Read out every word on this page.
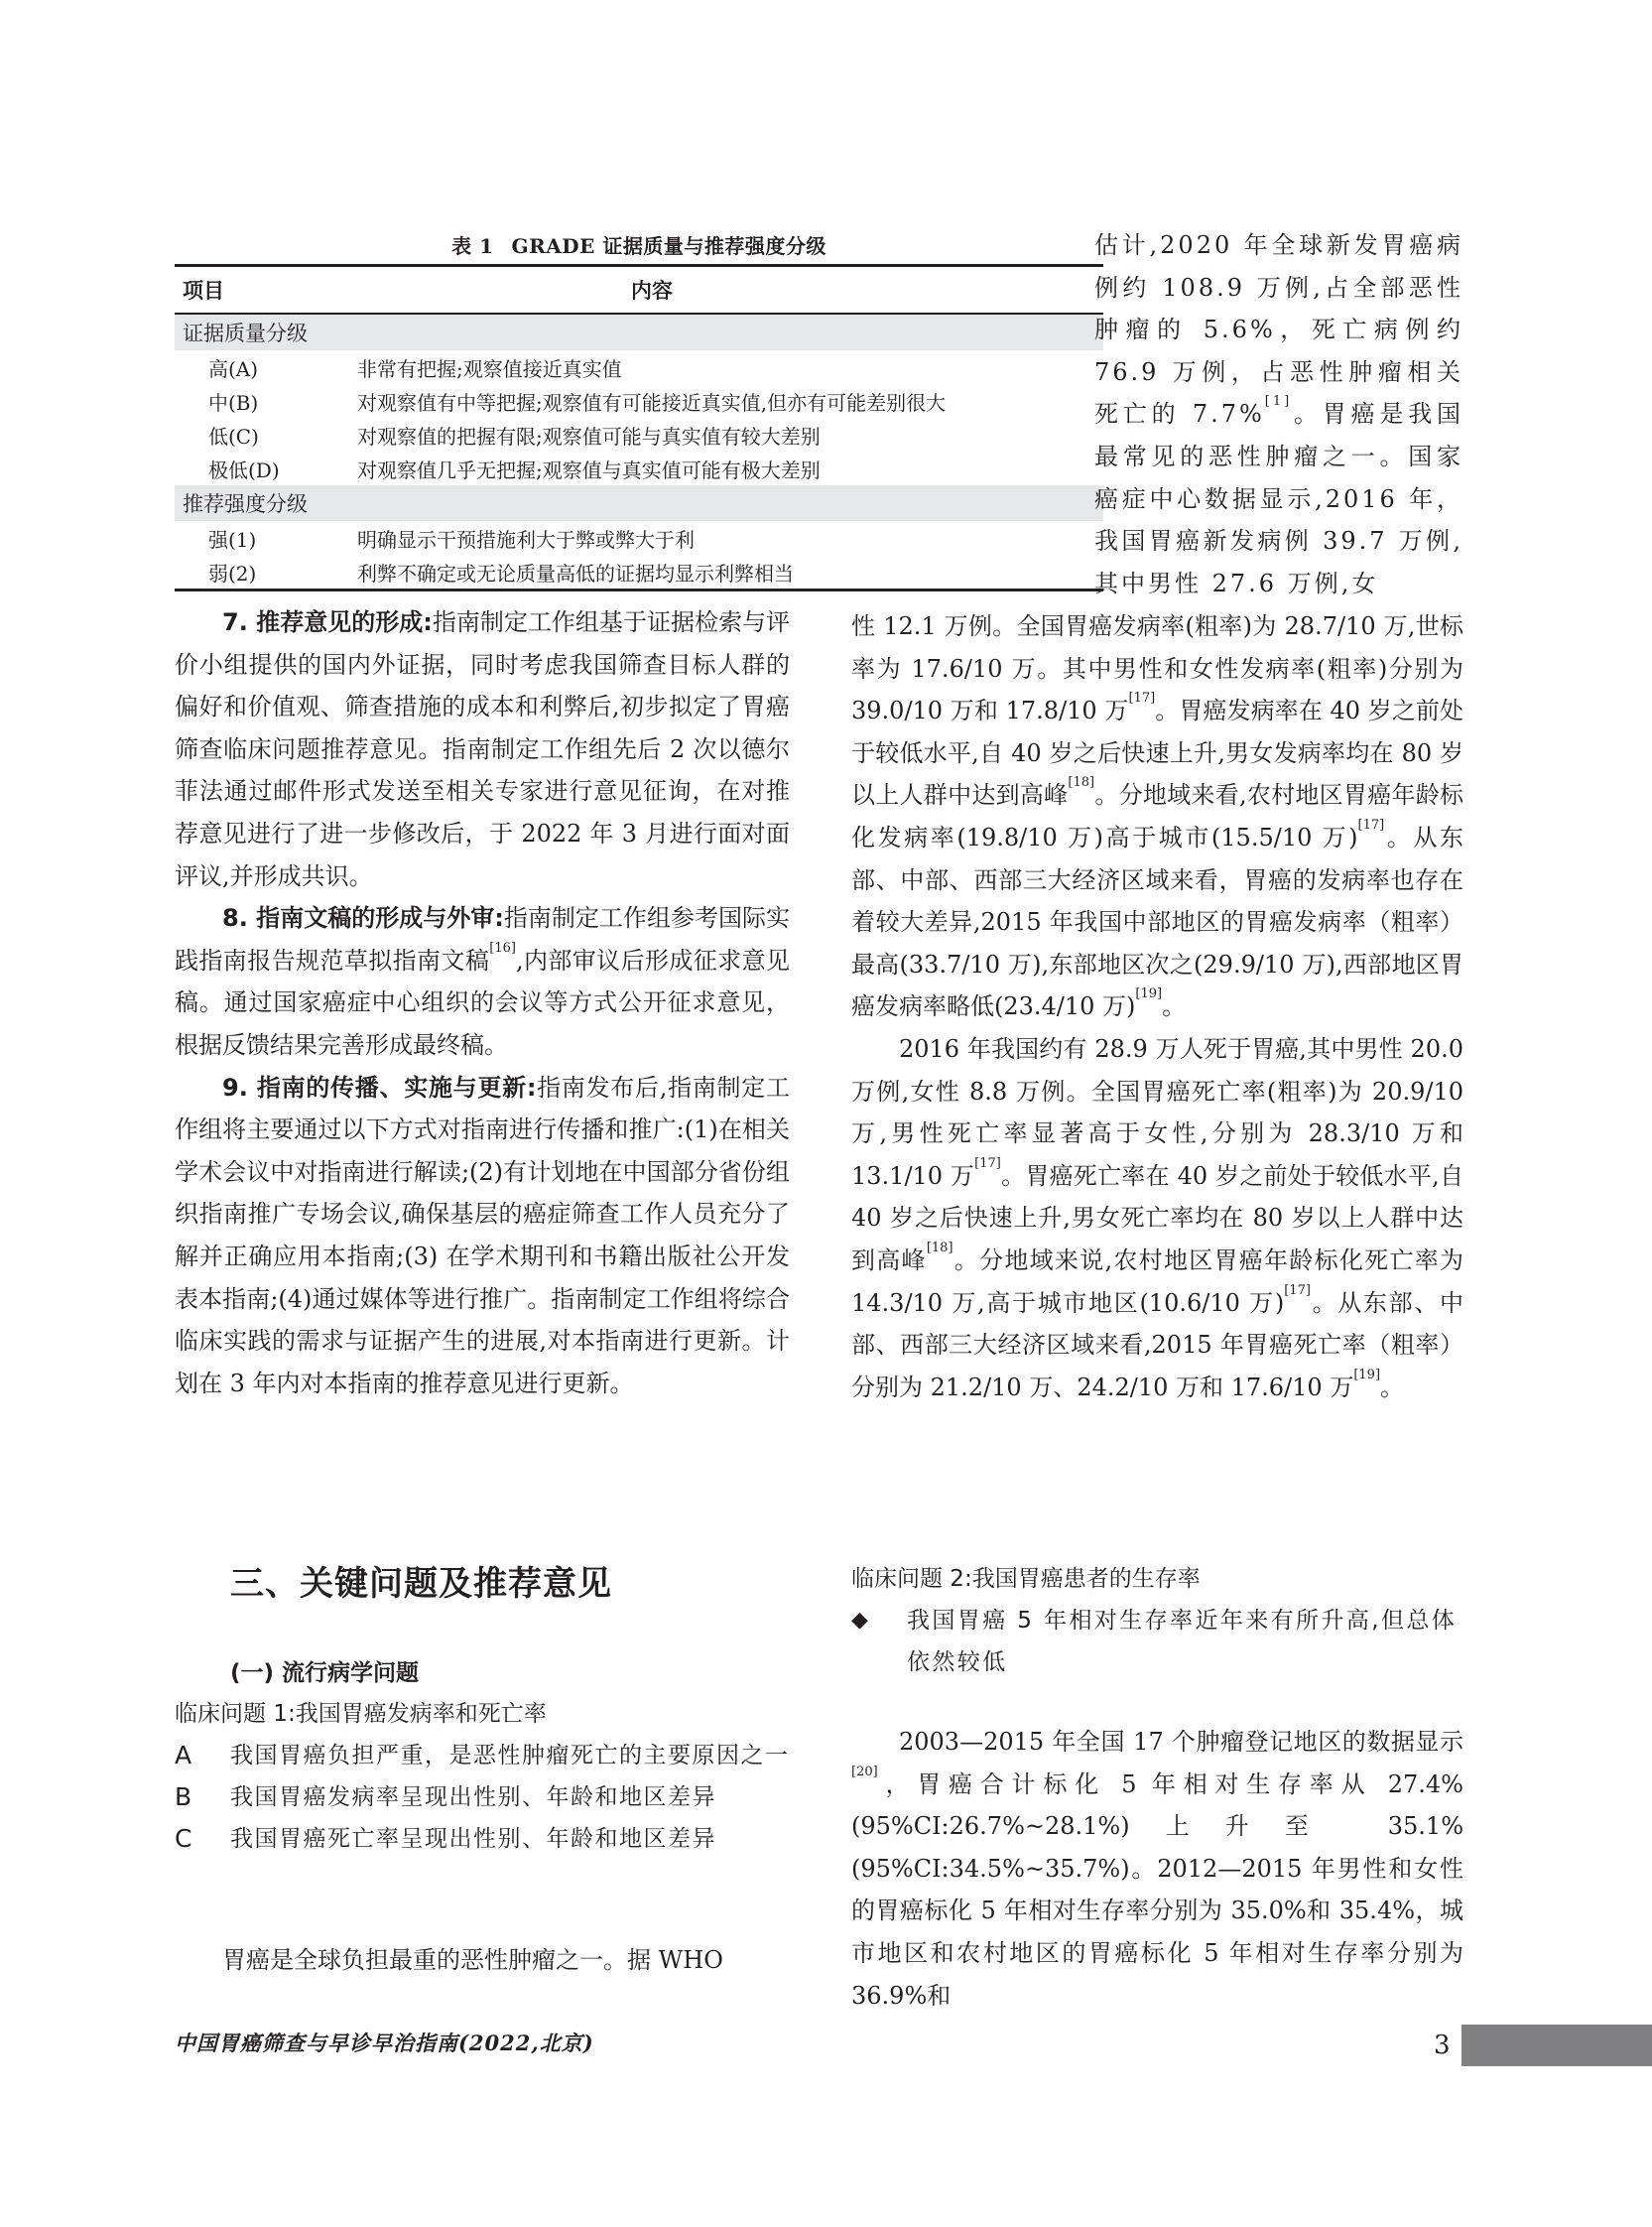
表 1 GRADE 证据质量与推荐强度分级
项目	内容
证据质量分级
高(A)	非常有把握;观察值接近真实值
中(B)	对观察值有中等把握;观察值有可能接近真实值,但亦有可能差别很大
低(C)	对观察值的把握有限;观察值可能与真实值有较大差别
极低(D)	对观察值几乎无把握;观察值与真实值可能有极大差别
推荐强度分级
强(1)	明确显示干预措施利大于弊或弊大于利
弱(2)	利弊不确定或无论质量高低的证据均显示利弊相当
估计,2020 年全球新发胃癌病例约 108.9 万例,占全部恶性肿瘤的 5.6%，死亡病例约 76.9 万例，占恶性肿瘤相关死亡的 7.7%[1]。胃癌是我国最常见的恶性肿瘤之一。国家癌症中心数据显示,2016 年，我国胃癌新发病例 39.7 万例,其中男性 27.6 万例,女

7. 推荐意见的形成:指南制定工作组基于证据检索与评价小组提供的国内外证据，同时考虑我国筛查目标人群的偏好和价值观、筛查措施的成本和利弊后,初步拟定了胃癌筛查临床问题推荐意见。指南制定工作组先后 2 次以德尔菲法通过邮件形式发送至相关专家进行意见征询，在对推荐意见进行了进一步修改后，于 2022 年 3 月进行面对面评议,并形成共识。

8. 指南文稿的形成与外审:指南制定工作组参考国际实践指南报告规范草拟指南文稿[16],内部审议后形成征求意见稿。通过国家癌症中心组织的会议等方式公开征求意见，根据反馈结果完善形成最终稿。

9. 指南的传播、实施与更新:指南发布后,指南制定工作组将主要通过以下方式对指南进行传播和推广:(1)在相关学术会议中对指南进行解读;(2)有计划地在中国部分省份组织指南推广专场会议,确保基层的癌症筛查工作人员充分了解并正确应用本指南;(3) 在学术期刊和书籍出版社公开发表本指南;(4)通过媒体等进行推广。指南制定工作组将综合临床实践的需求与证据产生的进展,对本指南进行更新。计划在 3 年内对本指南的推荐意见进行更新。

三、关键问题及推荐意见
(一) 流行病学问题
临床问题 1:我国胃癌发病率和死亡率
A	我国胃癌负担严重，是恶性肿瘤死亡的主要原因之一
B	我国胃癌发病率呈现出性别、年龄和地区差异
C	我国胃癌死亡率呈现出性别、年龄和地区差异

胃癌是全球负担最重的恶性肿瘤之一。据 WHO

性 12.1 万例。全国胃癌发病率(粗率)为 28.7/10 万,世标率为 17.6/10 万。其中男性和女性发病率(粗率)分别为 39.0/10 万和 17.8/10 万[17]。胃癌发病率在 40 岁之前处于较低水平,自 40 岁之后快速上升,男女发病率均在 80 岁以上人群中达到高峰[18]。分地域来看,农村地区胃癌年龄标化发病率(19.8/10 万)高于城市(15.5/10 万)[17]。从东部、中部、西部三大经济区域来看，胃癌的发病率也存在着较大差异,2015 年我国中部地区的胃癌发病率（粗率）最高(33.7/10 万),东部地区次之(29.9/10 万),西部地区胃癌发病率略低(23.4/10 万)[19]。

2016 年我国约有 28.9 万人死于胃癌,其中男性 20.0 万例,女性 8.8 万例。全国胃癌死亡率(粗率)为 20.9/10 万,男性死亡率显著高于女性,分别为 28.3/10 万和 13.1/10 万[17]。胃癌死亡率在 40 岁之前处于较低水平,自 40 岁之后快速上升,男女死亡率均在 80 岁以上人群中达到高峰[18]。分地域来说,农村地区胃癌年龄标化死亡率为 14.3/10 万,高于城市地区(10.6/10 万)[17]。从东部、中部、西部三大经济区域来看,2015 年胃癌死亡率（粗率）分别为 21.2/10 万、24.2/10 万和 17.6/10 万[19]。

临床问题 2:我国胃癌患者的生存率
◆	我国胃癌 5 年相对生存率近年来有所升高,但总体依然较低

2003—2015 年全国 17 个肿瘤登记地区的数据显示 [20]，胃癌合计标化 5 年相对生存率从 27.4%(95%CI:26.7%~28.1%)上升至 35.1%(95%CI:34.5%~35.7%)。2012—2015 年男性和女性的胃癌标化 5 年相对生存率分别为 35.0%和 35.4%，城市地区和农村地区的胃癌标化 5 年相对生存率分别为 36.9%和

中国胃癌筛查与早诊早治指南(2022,北京)	3
